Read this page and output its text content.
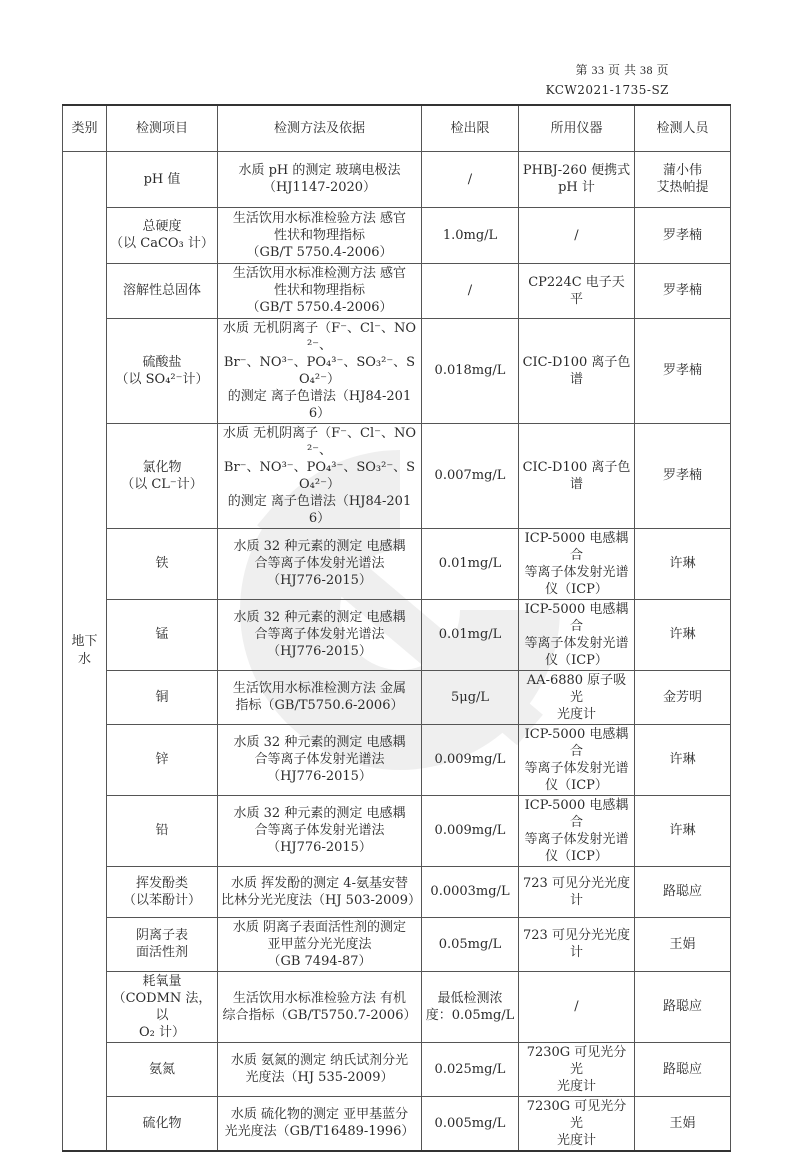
第 33 页 共 38 页
KCW2021-1735-SZ
类别	检测项目	检测方法及依据	检出限	所用仪器	检测人员
地下水	pH 值	水质 pH 的测定 玻璃电极法
（HJ1147-2020）	/	PHBJ-260 便携式
pH 计	蒲小伟
艾热帕提

	总硬度
（以 CaCO₃ 计）	生活饮用水标准检验方法 感官
性状和物理指标
（GB/T 5750.4-2006）	1.0mg/L	/	罗孝楠

	溶解性总固体	生活饮用水标准检测方法 感官
性状和物理指标
（GB/T 5750.4-2006）	/	CP224C 电子天平	罗孝楠

	硫酸盐
（以 SO₄²⁻计）	水质 无机阴离子（F⁻、Cl⁻、NO²⁻、
Br⁻、NO³⁻、PO₄³⁻、SO₃²⁻、SO₄²⁻）
的测定 离子色谱法（HJ84-2016）	0.018mg/L	CIC-D100 离子色谱	罗孝楠

	氯化物
（以 CL⁻计）	水质 无机阴离子（F⁻、Cl⁻、NO²⁻、
Br⁻、NO³⁻、PO₄³⁻、SO₃²⁻、SO₄²⁻）
的测定 离子色谱法（HJ84-2016）	0.007mg/L	CIC-D100 离子色谱	罗孝楠

	铁	水质 32 种元素的测定 电感耦
合等离子体发射光谱法
（HJ776-2015）	0.01mg/L	ICP-5000 电感耦合
等离子体发射光谱
仪（ICP）	许琳

	锰	水质 32 种元素的测定 电感耦
合等离子体发射光谱法
（HJ776-2015）	0.01mg/L	ICP-5000 电感耦合
等离子体发射光谱
仪（ICP）	许琳

	铜	生活饮用水标准检测方法 金属
指标（GB/T5750.6-2006）	5μg/L	AA-6880 原子吸光
光度计	金芳明

	锌	水质 32 种元素的测定 电感耦
合等离子体发射光谱法
（HJ776-2015）	0.009mg/L	ICP-5000 电感耦合
等离子体发射光谱
仪（ICP）	许琳

	铅	水质 32 种元素的测定 电感耦
合等离子体发射光谱法
（HJ776-2015）	0.009mg/L	ICP-5000 电感耦合
等离子体发射光谱
仪（ICP）	许琳

	挥发酚类
（以苯酚计）	水质 挥发酚的测定 4-氨基安替
比林分光光度法（HJ 503-2009）	0.0003mg/L	723 可见分光光度
计	路聪应

	阴离子表
面活性剂	水质 阴离子表面活性剂的测定
亚甲蓝分光光度法
（GB 7494-87）	0.05mg/L	723 可见分光光度
计	王娟

	耗氧量
（CODMN 法，以
O₂ 计）	生活饮用水标准检验方法 有机
综合指标（GB/T5750.7-2006）	最低检测浓
度：0.05mg/L	/	路聪应

	氨氮	水质 氨氮的测定 纳氏试剂分光
光度法（HJ 535-2009）	0.025mg/L	7230G 可见光分光
光度计	路聪应

	硫化物	水质 硫化物的测定 亚甲基蓝分
光光度法（GB/T16489-1996）	0.005mg/L	7230G 可见光分光
光度计	王娟
